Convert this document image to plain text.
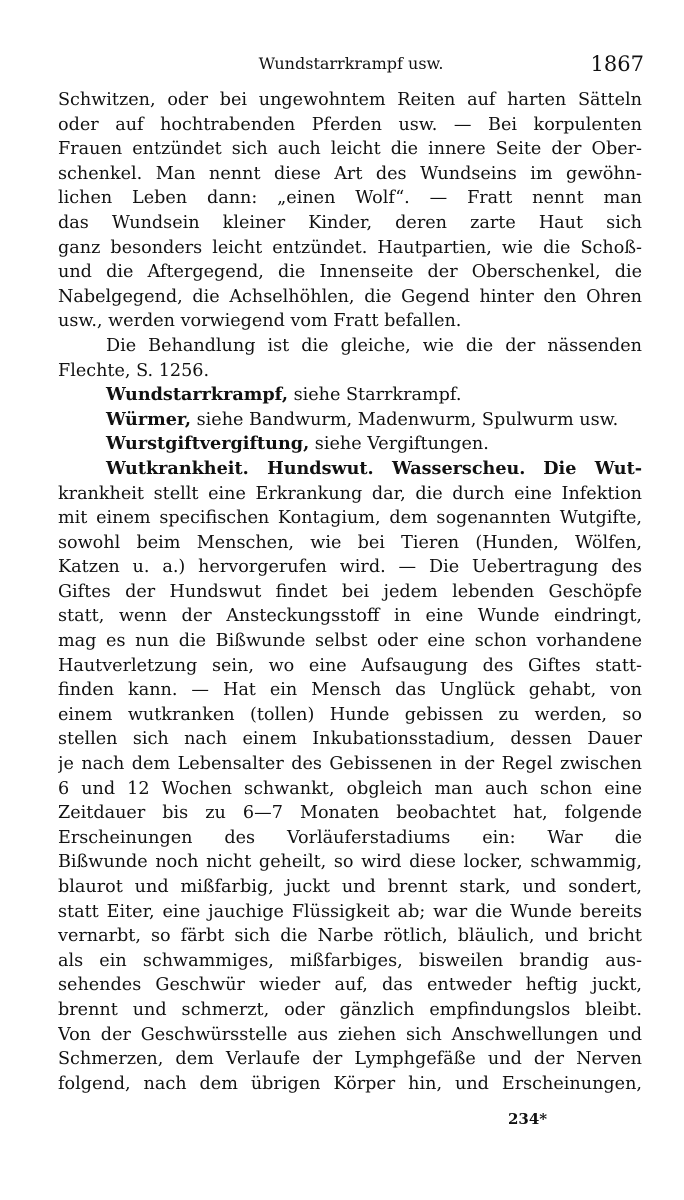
Wundstarrkrampf usw.	1867
Schwitzen, oder bei ungewohntem Reiten auf harten Sätteln
oder auf hochtrabenden Pferden usw. — Bei korpulenten
Frauen entzündet sich auch leicht die innere Seite der Ober-
schenkel. Man nennt diese Art des Wundseins im gewöhn-
lichen Leben dann: „einen Wolf“. — Fratt nennt man
das Wundsein kleiner Kinder, deren zarte Haut sich
ganz besonders leicht entzündet. Hautpartien, wie die Schoß-
und die Aftergegend, die Innenseite der Oberschenkel, die
Nabelgegend, die Achselhöhlen, die Gegend hinter den Ohren
usw., werden vorwiegend vom Fratt befallen.
Die Behandlung ist die gleiche, wie die der nässenden
Flechte, S. 1256.
Wundstarrkrampf, siehe Starrkrampf.
Würmer, siehe Bandwurm, Madenwurm, Spulwurm usw.
Wurstgiftvergiftung, siehe Vergiftungen.
Wutkrankheit. Hundswut. Wasserscheu. Die Wut-
krankheit stellt eine Erkrankung dar, die durch eine Infektion
mit einem specifischen Kontagium, dem sogenannten Wutgifte,
sowohl beim Menschen, wie bei Tieren (Hunden, Wölfen,
Katzen u. a.) hervorgerufen wird. — Die Uebertragung des
Giftes der Hundswut findet bei jedem lebenden Geschöpfe
statt, wenn der Ansteckungsstoff in eine Wunde eindringt,
mag es nun die Bißwunde selbst oder eine schon vorhandene
Hautverletzung sein, wo eine Aufsaugung des Giftes statt-
finden kann. — Hat ein Mensch das Unglück gehabt, von
einem wutkranken (tollen) Hunde gebissen zu werden, so
stellen sich nach einem Inkubationsstadium, dessen Dauer
je nach dem Lebensalter des Gebissenen in der Regel zwischen
6 und 12 Wochen schwankt, obgleich man auch schon eine
Zeitdauer bis zu 6—7 Monaten beobachtet hat, folgende
Erscheinungen des Vorläuferstadiums ein: War die
Bißwunde noch nicht geheilt, so wird diese locker, schwammig,
blaurot und mißfarbig, juckt und brennt stark, und sondert,
statt Eiter, eine jauchige Flüssigkeit ab; war die Wunde bereits
vernarbt, so färbt sich die Narbe rötlich, bläulich, und bricht
als ein schwammiges, mißfarbiges, bisweilen brandig aus-
sehendes Geschwür wieder auf, das entweder heftig juckt,
brennt und schmerzt, oder gänzlich empfindungslos bleibt.
Von der Geschwürsstelle aus ziehen sich Anschwellungen und
Schmerzen, dem Verlaufe der Lymphgefäße und der Nerven
folgend, nach dem übrigen Körper hin, und Erscheinungen,
234*
